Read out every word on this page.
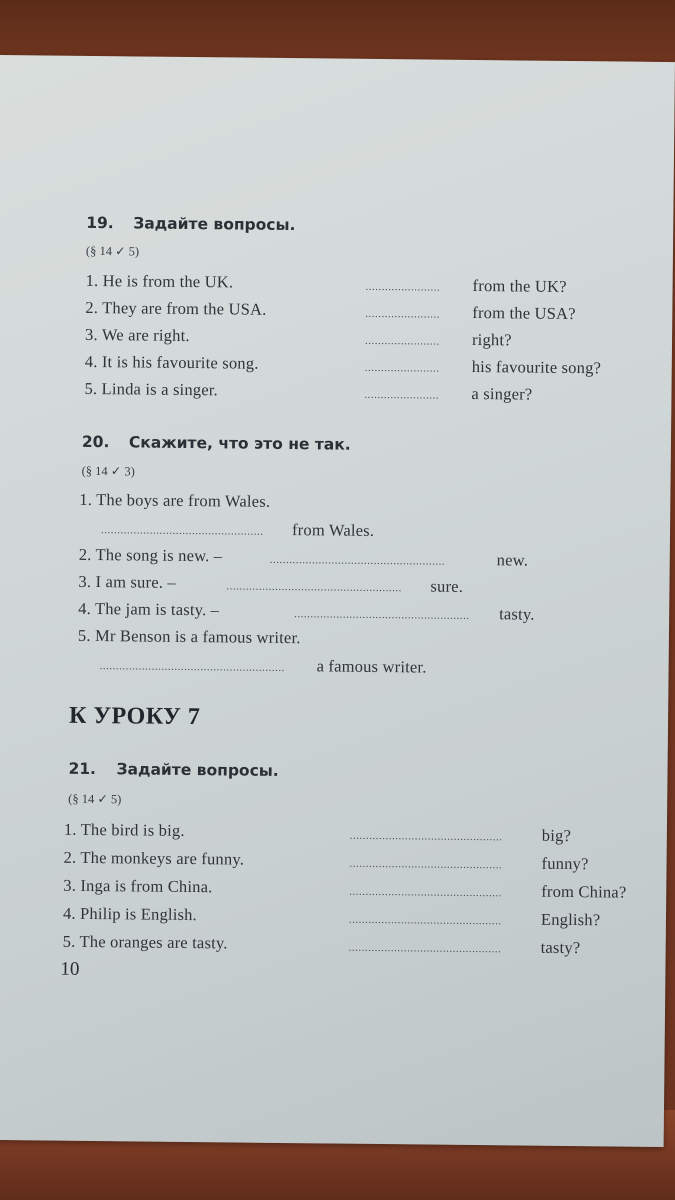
19. Задайте вопросы.
(§ 14 ✓ 5)
1. He is from the UK.	....................... from the UK?
2. They are from the USA.	....................... from the USA?
3. We are right.	....................... right?
4. It is his favourite song.	....................... his favourite song?
5. Linda is a singer.	....................... a singer?
20. Скажите, что это не так.
(§ 14 ✓ 3)
1. The boys are from Wales.
.................................................. from Wales.
2. The song is new. –	......................................................	new.
3. I am sure. –	...................................................... sure.
4. The jam is tasty. –	...................................................... tasty.
5. Mr Benson is a famous writer.
......................................................... a famous writer.
К УРОКУ 7
21. Задайте вопросы.
(§ 14 ✓ 5)
1. The bird is big.	............................................... big?
2. The monkeys are funny.	............................................... funny?
3. Inga is from China.	............................................... from China?
4. Philip is English.	............................................... English?
5. The oranges are tasty.	............................................... tasty?
10
